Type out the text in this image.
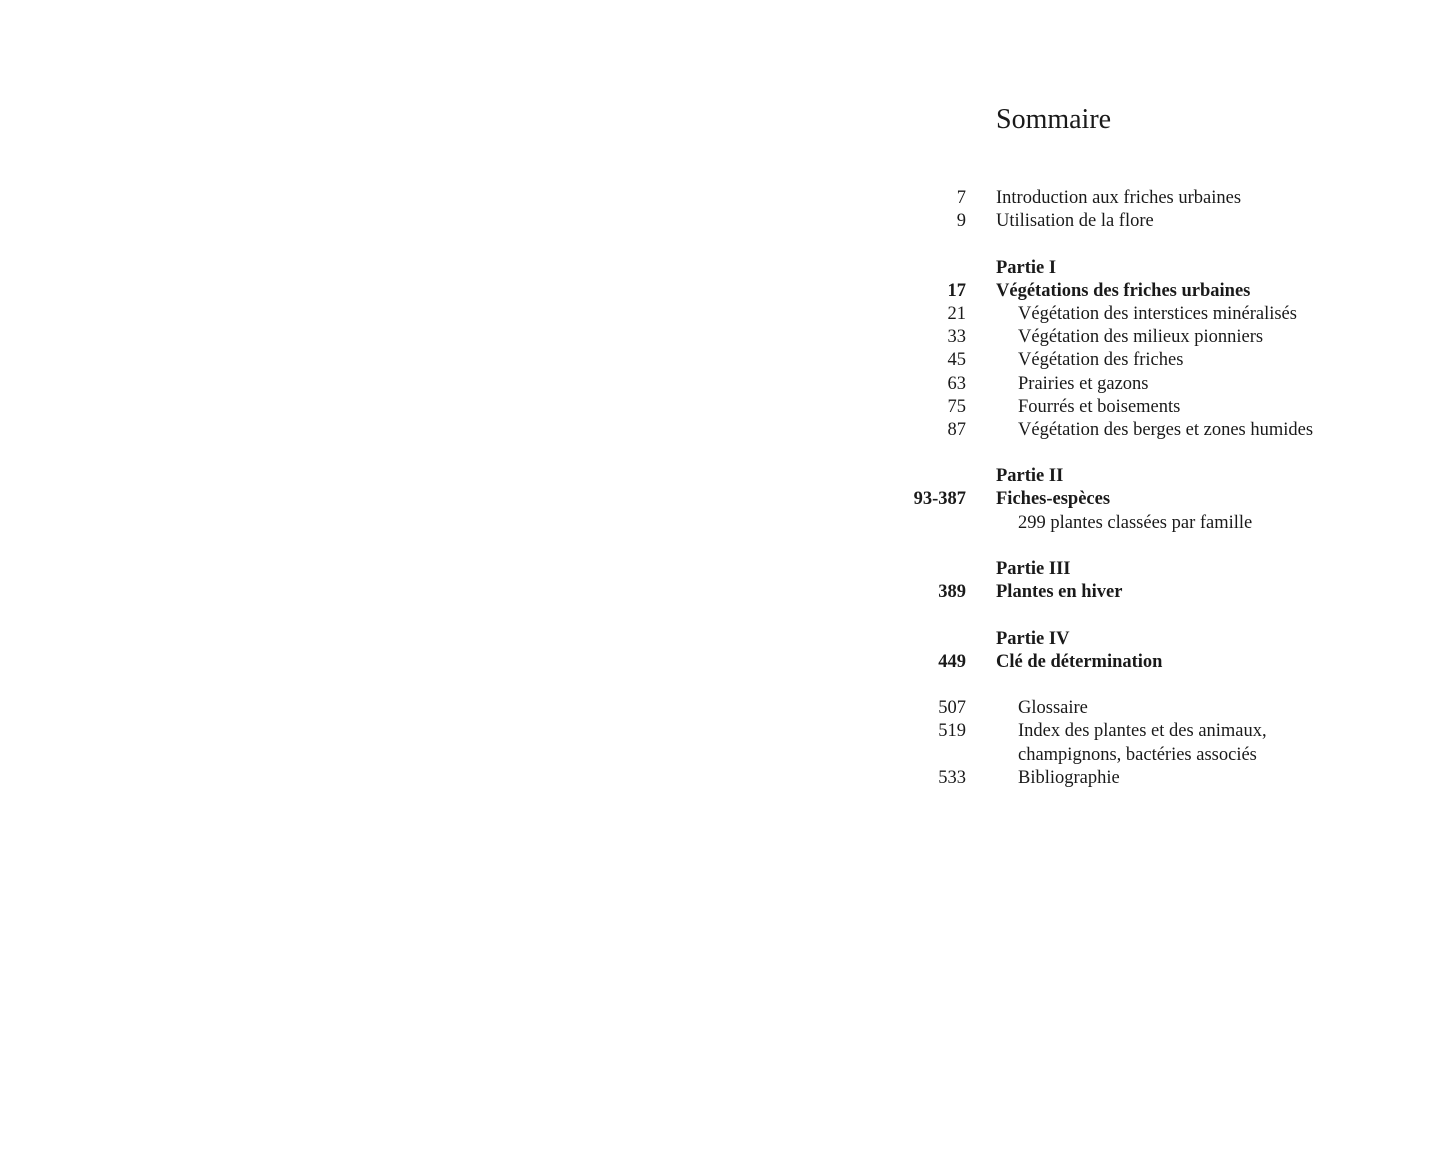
Sommaire
7 Introduction aux friches urbaines
9 Utilisation de la flore
Partie I
17 Végétations des friches urbaines
21	Végétation des interstices minéralisés
33	Végétation des milieux pionniers
45	Végétation des friches
63	Prairies et gazons
75	Fourrés et boisements
87	Végétation des berges et zones humides
Partie II
93-387 Fiches-espèces
299 plantes classées par famille
Partie III
389 Plantes en hiver
Partie IV
449 Clé de détermination
507	Glossaire
519	Index des plantes et des animaux,
champignons, bactéries associés
533	Bibliographie
